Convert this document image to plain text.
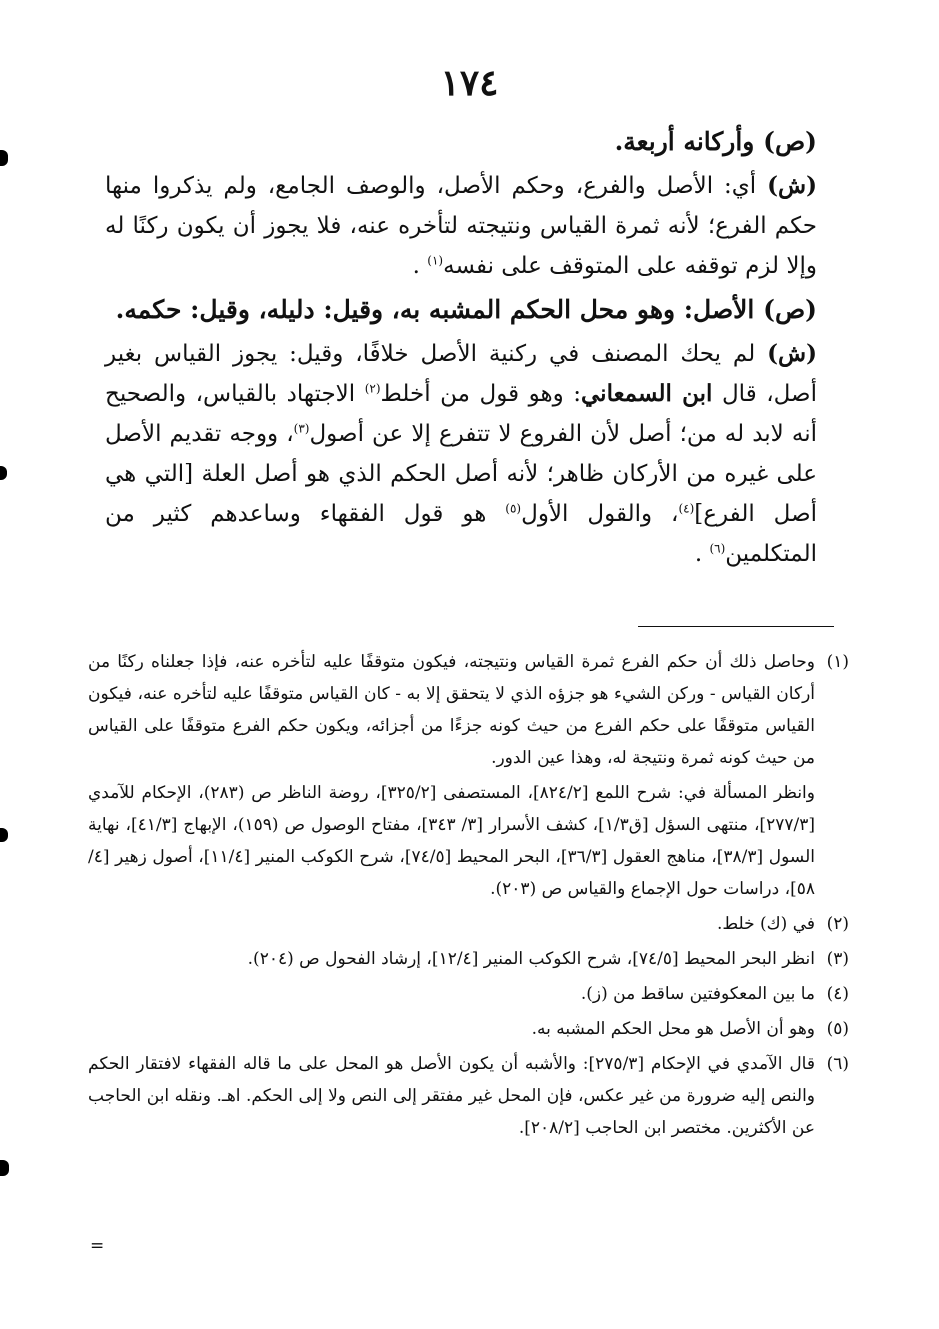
١٧٤

(ص) وأركانه أربعة.

(ش) أي: الأصل والفرع، وحكم الأصل، والوصف الجامع، ولم يذكروا منها حكم الفرع؛ لأنه ثمرة القياس ونتيجته لتأخره عنه، فلا يجوز أن يكون ركنًا له وإلا لزم توقفه على المتوقف على نفسه$^{(١)}$ .

(ص) الأصل: وهو محل الحكم المشبه به، وقيل: دليله، وقيل: حكمه.

(ش) لم يحك المصنف في ركنية الأصل خلافًا، وقيل: يجوز القياس بغير أصل، قال ابن السمعاني: وهو قول من أخلط$^{(٢)}$ الاجتهاد بالقياس، والصحيح أنه لابد له من؛ أصل لأن الفروع لا تتفرع إلا عن أصول$^{(٣)}$، ووجه تقديم الأصل على غيره من الأركان ظاهر؛ لأنه أصل الحكم الذي هو أصل العلة [التي هي أصل الفرع]$^{(٤)}$، والقول الأول$^{(٥)}$ هو قول الفقهاء وساعدهم كثير من المتكلمين$^{(٦)}$ .

(١)
وحاصل ذلك أن حكم الفرع ثمرة القياس ونتيجته، فيكون متوقفًا عليه لتأخره عنه، فإذا جعلناه ركنًا من أركان القياس - وركن الشيء هو جزؤه الذي لا يتحقق إلا به - كان القياس متوقفًا عليه لتأخره عنه، فيكون القياس متوقفًا على حكم الفرع من حيث كونه جزءًا من أجزائه، ويكون حكم الفرع متوقفًا على القياس من حيث كونه ثمرة ونتيجة له، وهذا عين الدور.

وانظر المسألة في: شرح اللمع [٨٢٤/٢]، المستصفى [٣٢٥/٢]، روضة الناظر ص (٢٨٣)، الإحكام للآمدي [٢٧٧/٣]، منتهى السؤل [ق١/٣]، كشف الأسرار [٣/ ٣٤٣]، مفتاح الوصول ص (١٥٩)، الإبهاج [٤١/٣]، نهاية السول [٣٨/٣]، مناهج العقول [٣٦/٣]، البحر المحيط [٧٤/٥]، شرح الكوكب المنير [١١/٤]، أصول زهير [٤/ ٥٨]، دراسات حول الإجماع والقياس ص (٢٠٣).

(٢)
في (ك) خلط.

(٣)
انظر البحر المحيط [٧٤/٥]، شرح الكوكب المنير [١٢/٤]، إرشاد الفحول ص (٢٠٤).

(٤)
ما بين المعكوفتين ساقط من (ز).

(٥)
وهو أن الأصل هو محل الحكم المشبه به.

(٦)
قال الآمدي في الإحكام [٢٧٥/٣]: والأشبه أن يكون الأصل هو المحل على ما قاله الفقهاء لافتقار الحكم والنص إليه ضرورة من غير عكس، فإن المحل غير مفتقر إلى النص ولا إلى الحكم. اهـ. ونقله ابن الحاجب عن الأكثرين. مختصر ابن الحاجب [٢٠٨/٢].

=
